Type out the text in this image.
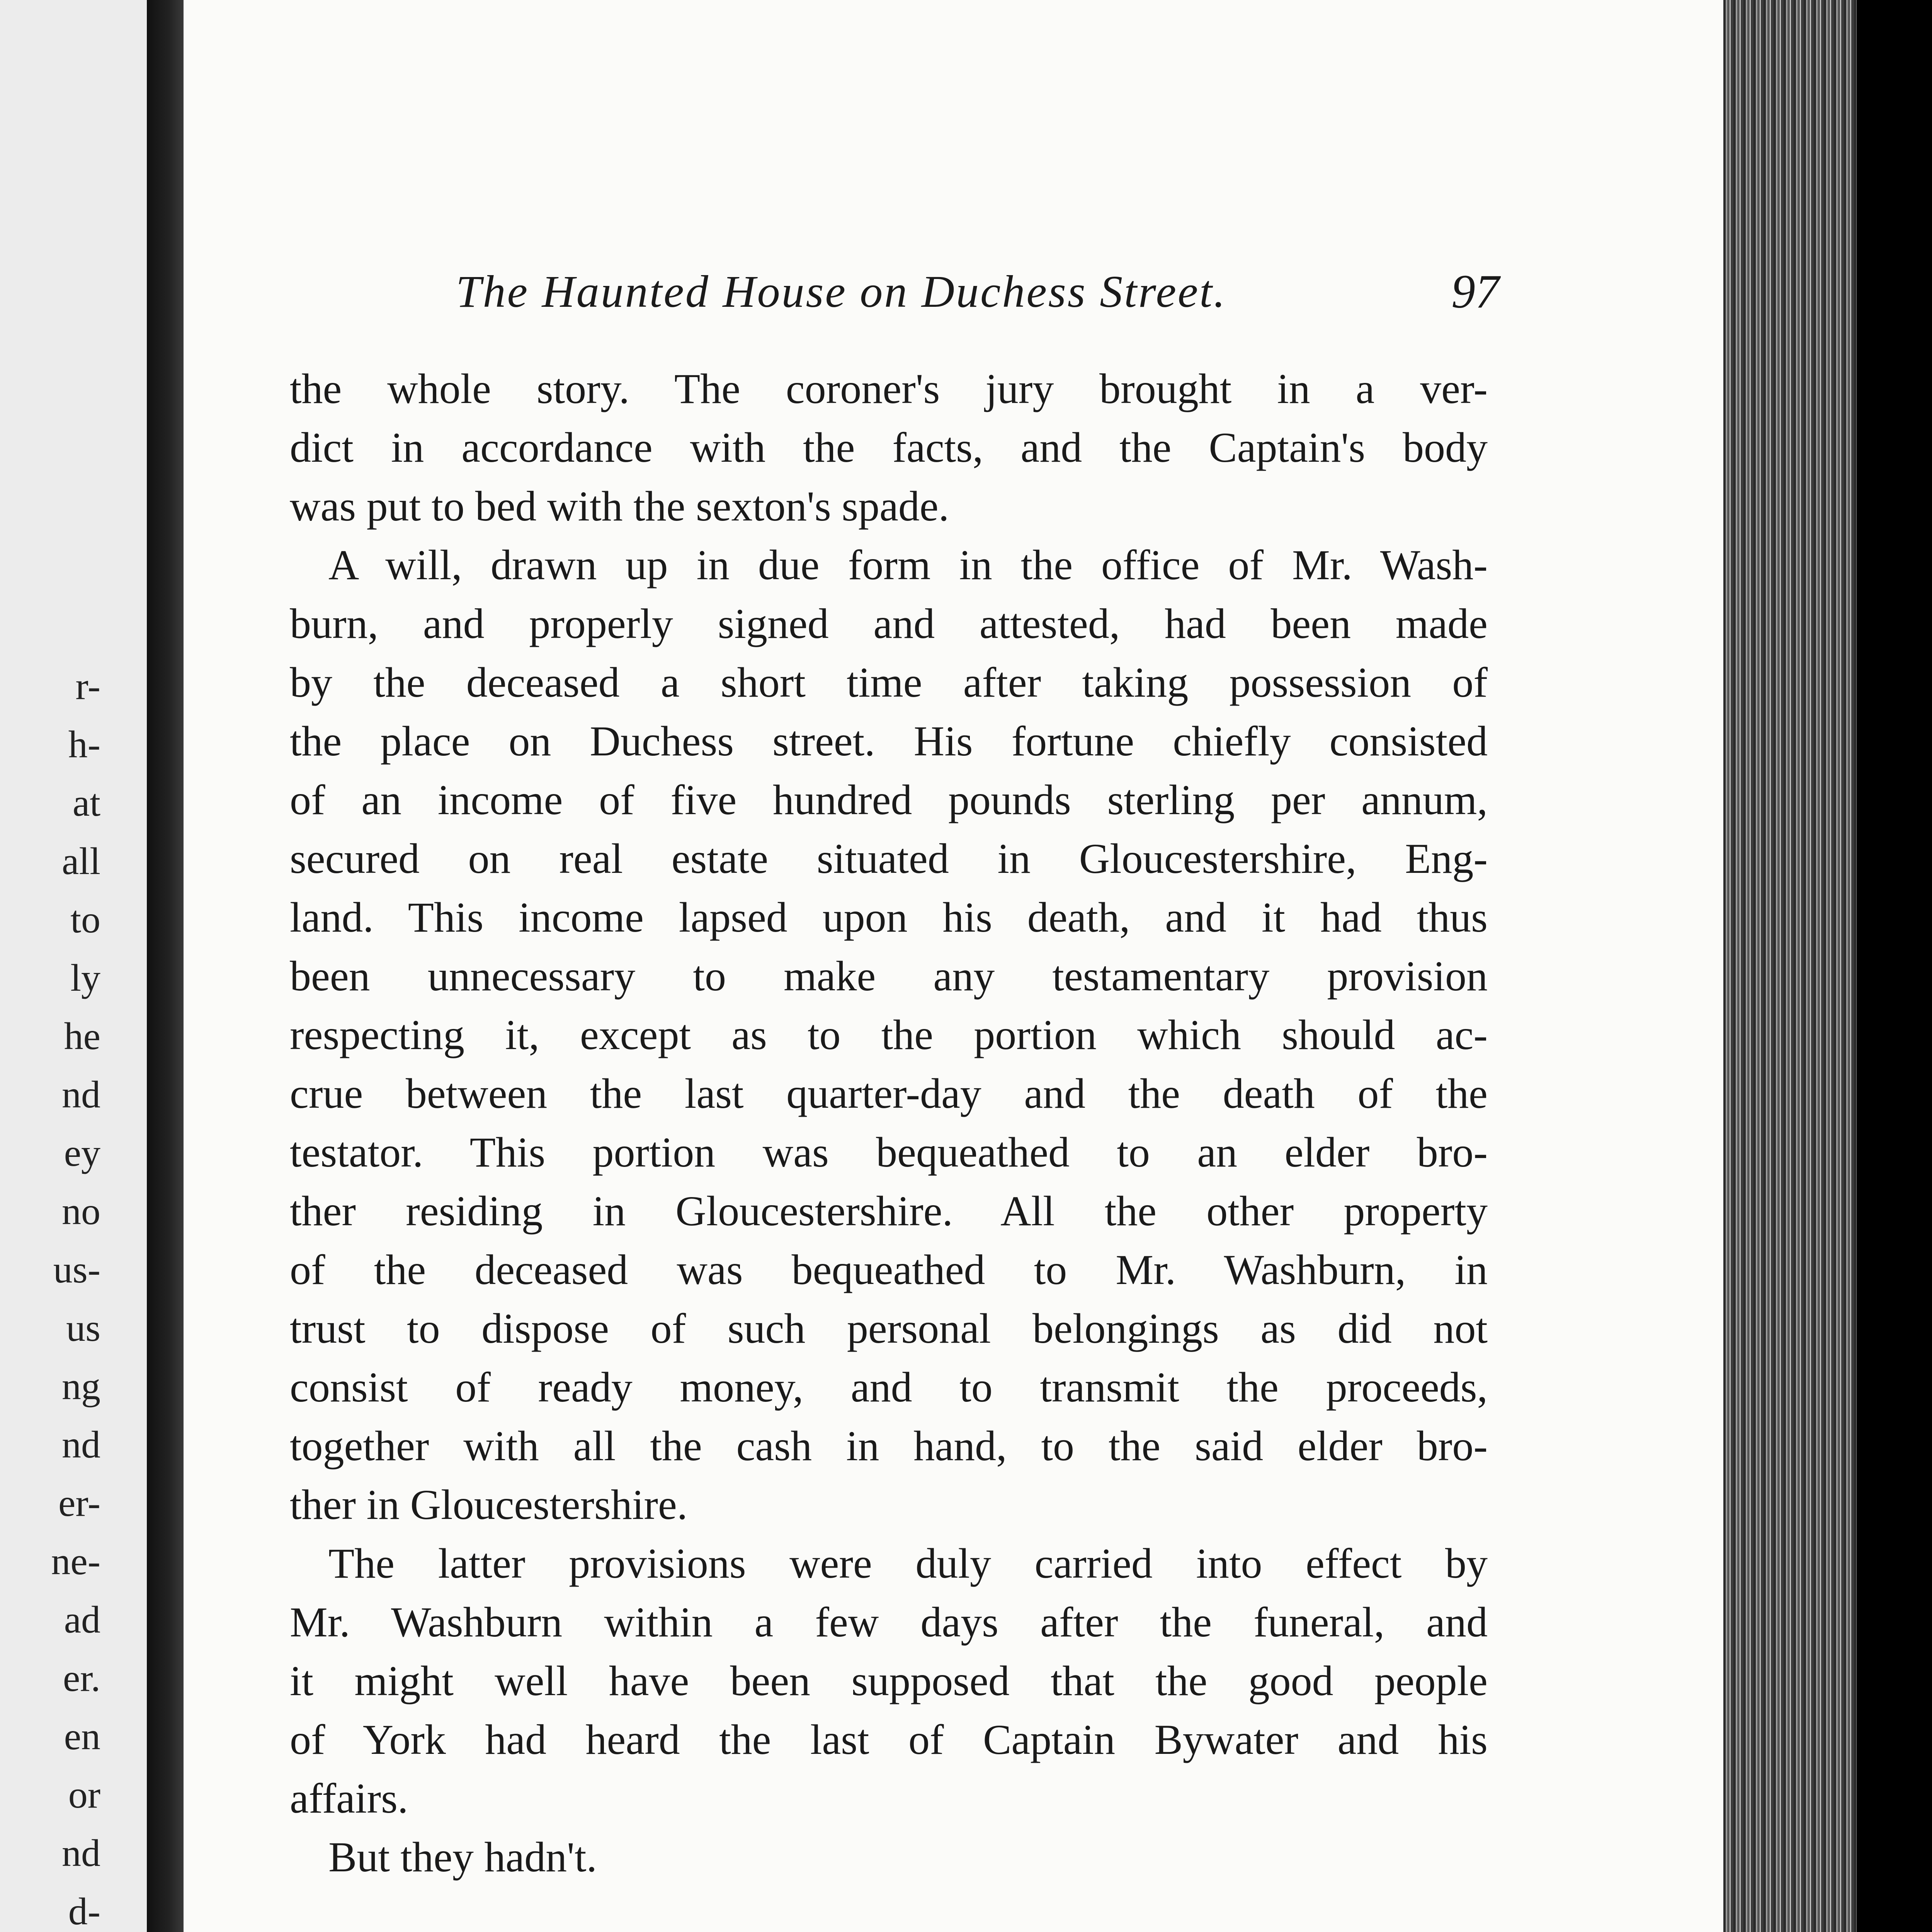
r-
h-
at
all
to
ly
he
nd
ey
no
us-
us
ng
nd
er-
ne-
ad
er.
en
or
nd
d-
The Haunted House on Duchess Street.	97
the whole story. The coroner's jury brought in a ver-
dict in accordance with the facts, and the Captain's body
was put to bed with the sexton's spade.
A will, drawn up in due form in the office of Mr. Wash-
burn, and properly signed and attested, had been made
by the deceased a short time after taking possession of
the place on Duchess street. His fortune chiefly consisted
of an income of five hundred pounds sterling per annum,
secured on real estate situated in Gloucestershire, Eng-
land. This income lapsed upon his death, and it had thus
been unnecessary to make any testamentary provision
respecting it, except as to the portion which should ac-
crue between the last quarter-day and the death of the
testator. This portion was bequeathed to an elder bro-
ther residing in Gloucestershire. All the other property
of the deceased was bequeathed to Mr. Washburn, in
trust to dispose of such personal belongings as did not
consist of ready money, and to transmit the proceeds,
together with all the cash in hand, to the said elder bro-
ther in Gloucestershire.
The latter provisions were duly carried into effect by
Mr. Washburn within a few days after the funeral, and
it might well have been supposed that the good people
of York had heard the last of Captain Bywater and his
affairs.
But they hadn't.
